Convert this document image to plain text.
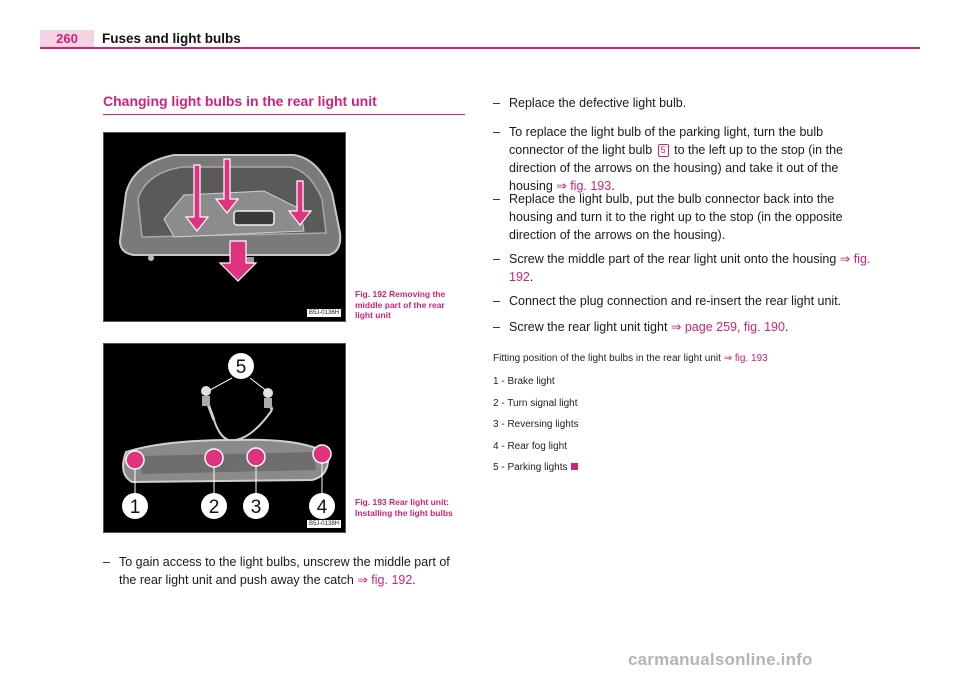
260	Fuses and light bulbs
Changing light bulbs in the rear light unit
B5J-0136H
Fig. 192 Removing the middle part of the rear light unit
5
1	2 3	4
B5J-0138H
Fig. 193 Rear light unit: Installing the light bulbs
– To gain access to the light bulbs, unscrew the middle part of the rear light unit and push away the catch ⇒ fig. 192.
– Replace the defective light bulb.
– To replace the light bulb of the parking light, turn the bulb connector of the light bulb 5 to the left up to the stop (in the direction of the arrows on the housing) and take it out of the housing ⇒ fig. 193.
– Replace the light bulb, put the bulb connector back into the housing and turn it to the right up to the stop (in the opposite direction of the arrows on the housing).
– Screw the middle part of the rear light unit onto the housing ⇒ fig. 192.
– Connect the plug connection and re-insert the rear light unit.
– Screw the rear light unit tight ⇒ page 259, fig. 190.
Fitting position of the light bulbs in the rear light unit ⇒ fig. 193
1 - Brake light
2 - Turn signal light
3 - Reversing lights
4 - Rear fog light
5 - Parking lights
carmanualsonline.info
